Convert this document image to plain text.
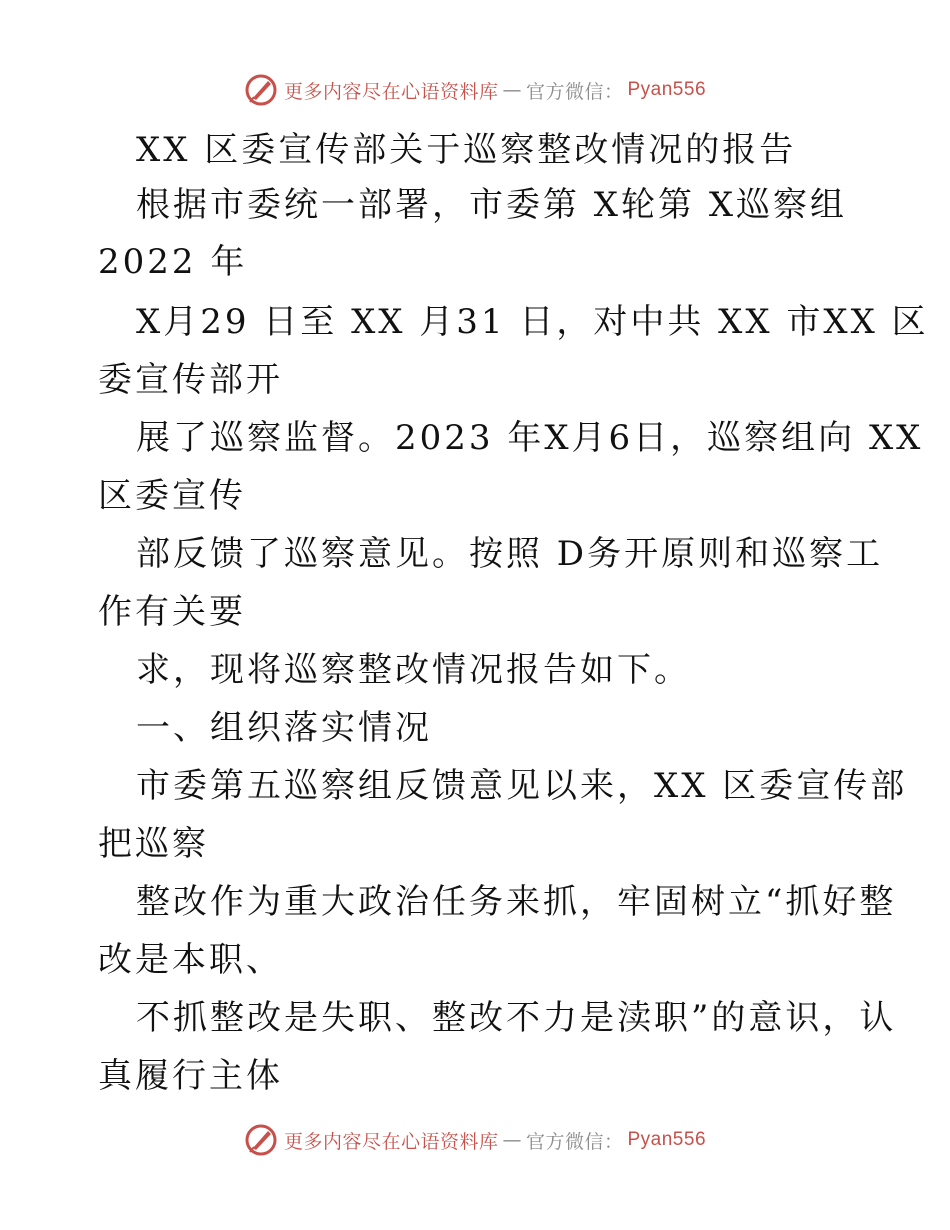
更多内容尽在心语资料库 — 官方微信： Pyan556
XX 区委宣传部关于巡察整改情况的报告
根据市委统一部署，市委第 X轮第 X巡察组
2022 年
X月29 日至 XX 月31 日，对中共 XX 市XX 区
委宣传部开
展了巡察监督。2023 年X月6日，巡察组向 XX
区委宣传
部反馈了巡察意见。按照 D务开原则和巡察工
作有关要
求，现将巡察整改情况报告如下。
一、组织落实情况
市委第五巡察组反馈意见以来，XX 区委宣传部
把巡察
整改作为重大政治任务来抓，牢固树立“抓好整
改是本职、
不抓整改是失职、整改不力是渎职”的意识，认
真履行主体
更多内容尽在心语资料库 — 官方微信： Pyan556
